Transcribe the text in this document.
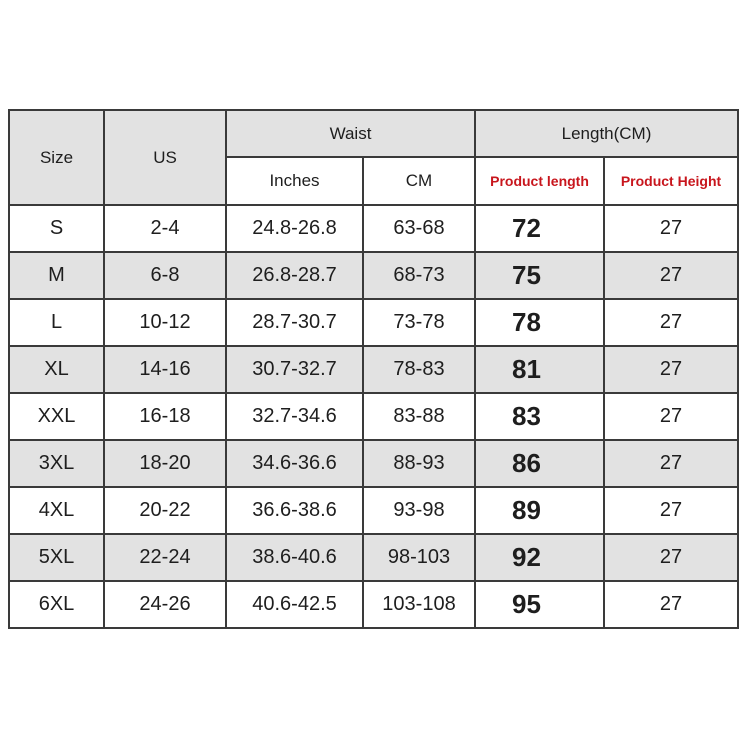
Size	US	Waist		Length(CM)	
		Inches	CM	Product length	Product Height
S	2-4	24.8-26.8	63-68	72	27
M	6-8	26.8-28.7	68-73	75	27
L	10-12	28.7-30.7	73-78	78	27
XL	14-16	30.7-32.7	78-83	81	27
XXL	16-18	32.7-34.6	83-88	83	27
3XL	18-20	34.6-36.6	88-93	86	27
4XL	20-22	36.6-38.6	93-98	89	27
5XL	22-24	38.6-40.6	98-103	92	27
6XL	24-26	40.6-42.5	103-108	95	27
